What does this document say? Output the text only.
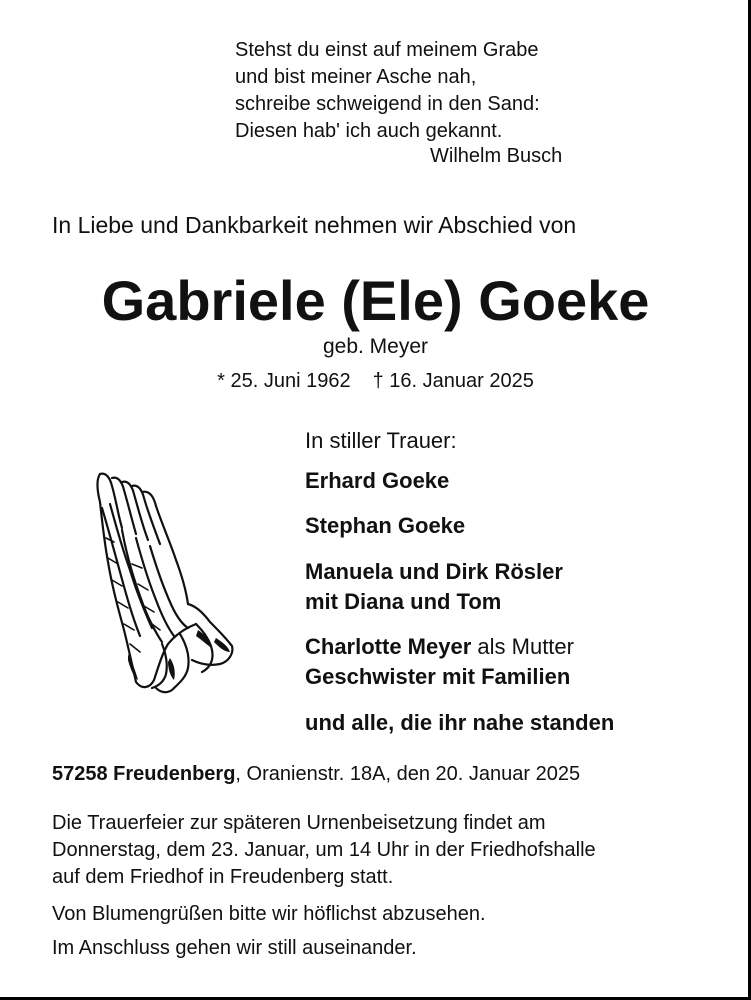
Stehst du einst auf meinem Grabe
und bist meiner Asche nah,
schreibe schweigend in den Sand:
Diesen hab' ich auch gekannt.
Wilhelm Busch
In Liebe und Dankbarkeit nehmen wir Abschied von
Gabriele (Ele) Goeke
geb. Meyer
* 25. Juni 1962 † 16. Januar 2025
In stiller Trauer:
Erhard Goeke
Stephan Goeke
Manuela und Dirk Rösler
mit Diana und Tom
Charlotte Meyer als Mutter
Geschwister mit Familien
und alle, die ihr nahe standen
57258 Freudenberg, Oranienstr. 18A, den 20. Januar 2025
Die Trauerfeier zur späteren Urnenbeisetzung findet am
Donnerstag, dem 23. Januar, um 14 Uhr in der Friedhofshalle
auf dem Friedhof in Freudenberg statt.
Von Blumengrüßen bitte wir höflichst abzusehen.
Im Anschluss gehen wir still auseinander.
